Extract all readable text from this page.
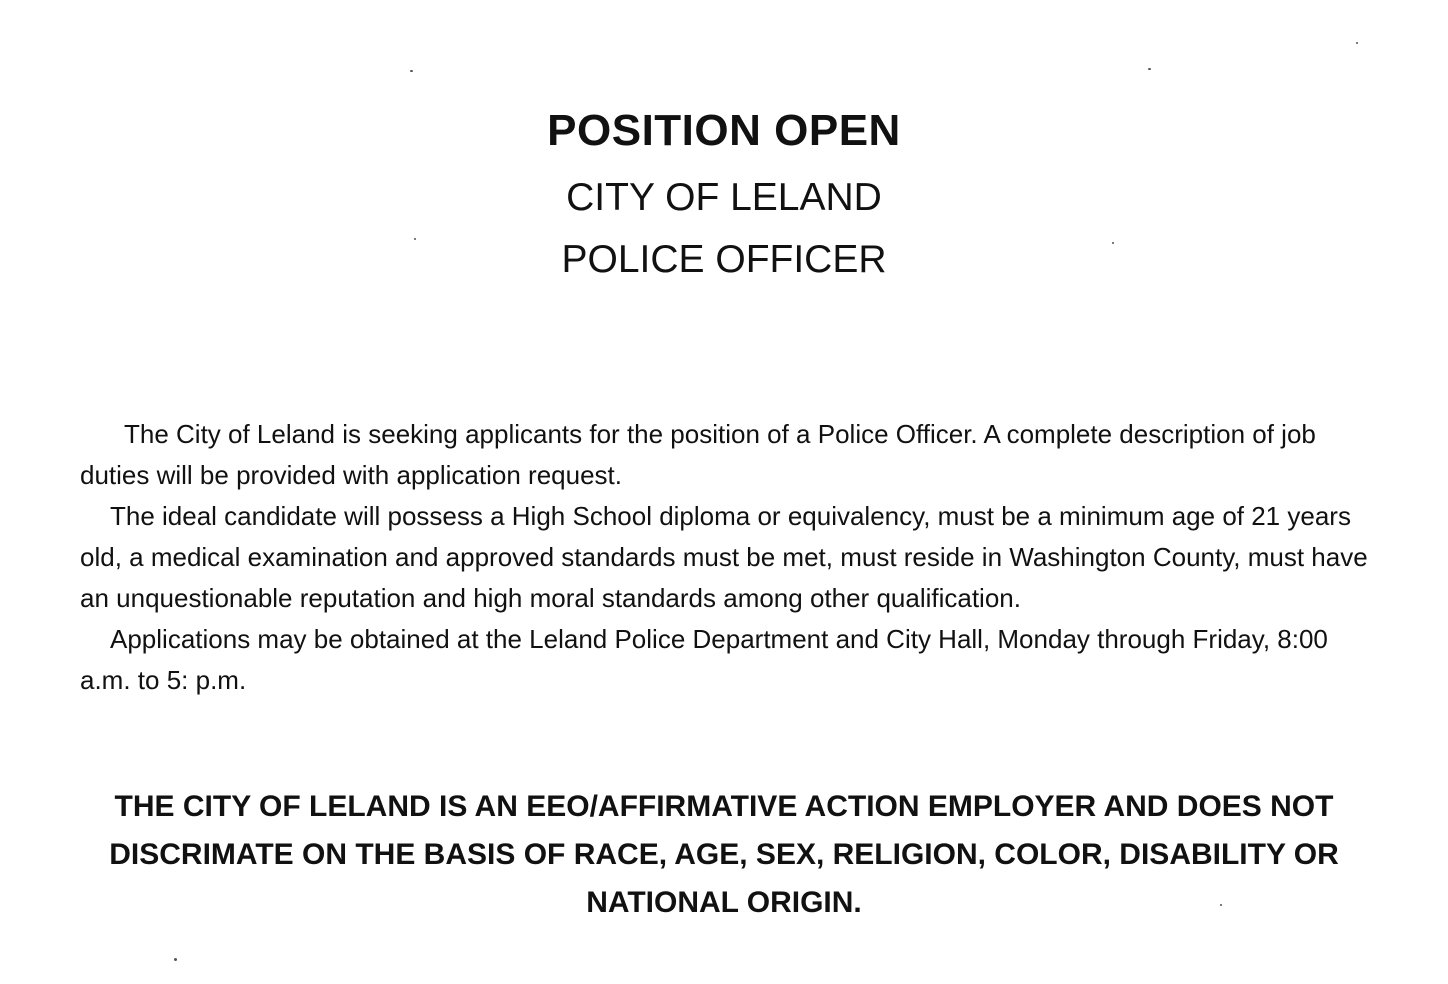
POSITION OPEN
CITY OF LELAND
POLICE OFFICER

The City of Leland is seeking applicants for the position of a Police Officer. A complete description of job duties will be provided with application request.

The ideal candidate will possess a High School diploma or equivalency, must be a minimum age of 21 years old, a medical examination and approved standards must be met, must reside in Washington County, must have an unquestionable reputation and high moral standards among other qualification.

Applications may be obtained at the Leland Police Department and City Hall, Monday through Friday, 8:00 a.m. to 5: p.m.

THE CITY OF LELAND IS AN EEO/AFFIRMATIVE ACTION EMPLOYER AND DOES NOT DISCRIMATE ON THE BASIS OF RACE, AGE, SEX, RELIGION, COLOR, DISABILITY OR NATIONAL ORIGIN.
